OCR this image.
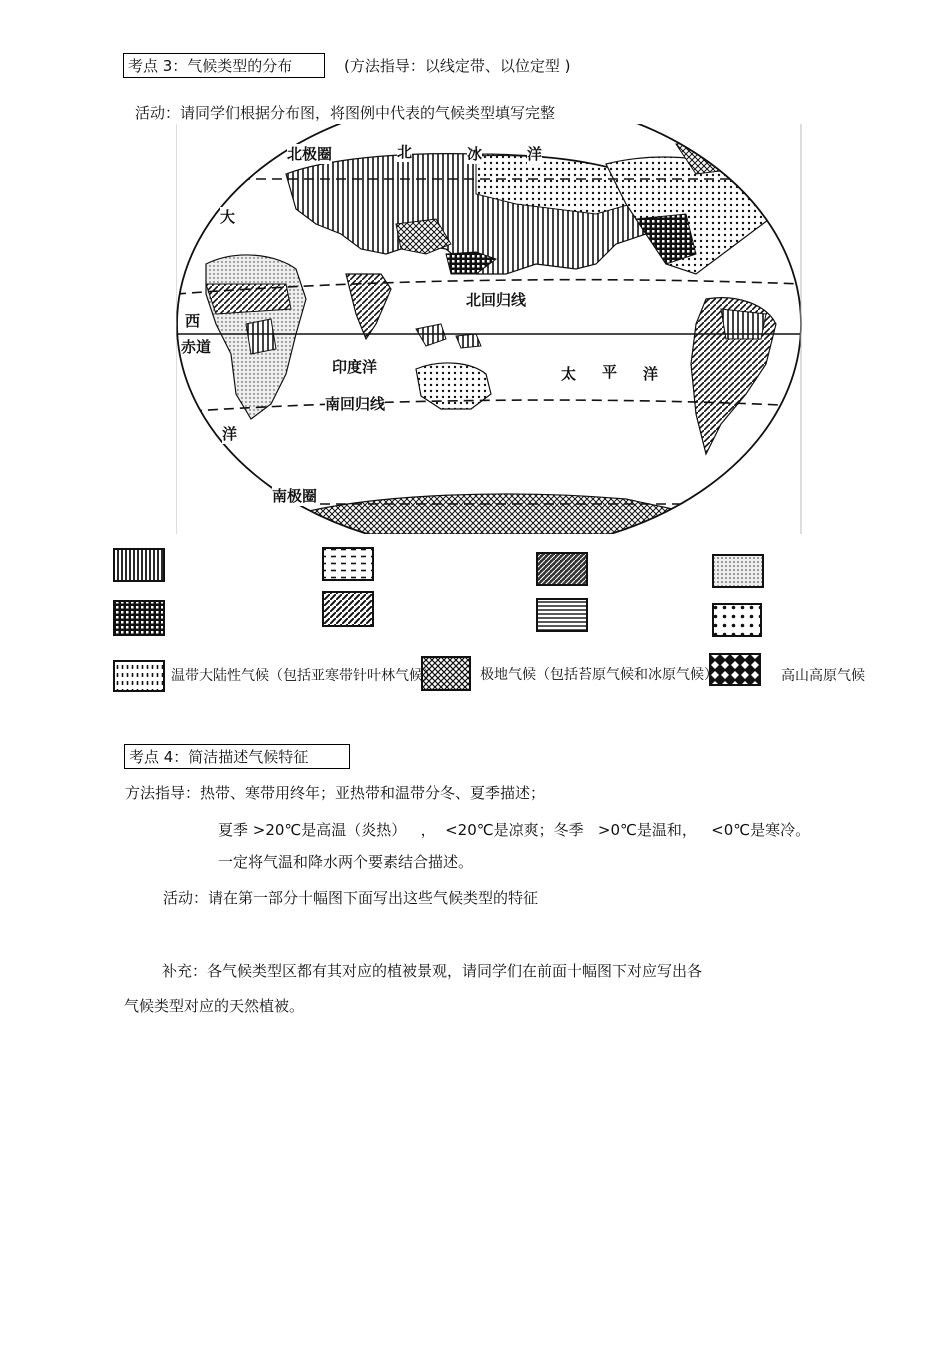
考点 3：气候类型的分布	(方法指导：以线定带、以位定型 )
活动：请同学们根据分布图，将图例中代表的气候类型填写完整
北极圈	北	冰	洋
大
西
赤道
北回归线
印度洋	太 平 洋
南回归线
洋
南极圈
温带大陆性气候（包括亚寒带针叶林气候）	极地气候（包括苔原气候和冰原气候）	高山高原气候
考点 4：简洁描述气候特征
方法指导：热带、寒带用终年；亚热带和温带分冬、夏季描述；
夏季 >20℃是高温（炎热）   ，  <20℃是凉爽；冬季   >0℃是温和，   <0℃是寒冷。
一定将气温和降水两个要素结合描述。
活动：请在第一部分十幅图下面写出这些气候类型的特征
补充：各气候类型区都有其对应的植被景观，请同学们在前面十幅图下对应写出各
气候类型对应的天然植被。
